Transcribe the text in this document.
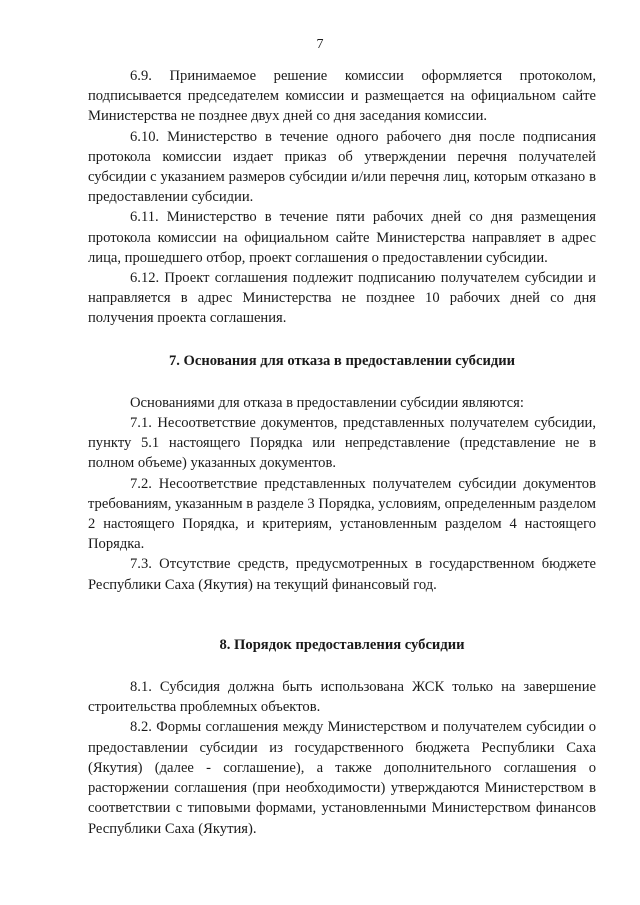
7

6.9. Принимаемое решение комиссии оформляется протоколом, подписывается председателем комиссии и размещается на официальном сайте Министерства не позднее двух дней со дня заседания комиссии.

6.10. Министерство в течение одного рабочего дня после подписания протокола комиссии издает приказ об утверждении перечня получателей субсидии с указанием размеров субсидии и/или перечня лиц, которым отказано в предоставлении субсидии.

6.11. Министерство в течение пяти рабочих дней со дня размещения протокола комиссии на официальном сайте Министерства направляет в адрес лица, прошедшего отбор, проект соглашения о предоставлении субсидии.

6.12. Проект соглашения подлежит подписанию получателем субсидии и направляется в адрес Министерства не позднее 10 рабочих дней со дня получения проекта соглашения.

7. Основания для отказа в предоставлении субсидии

Основаниями для отказа в предоставлении субсидии являются:

7.1. Несоответствие документов, представленных получателем субсидии, пункту 5.1 настоящего Порядка или непредставление (представление не в полном объеме) указанных документов.

7.2. Несоответствие представленных получателем субсидии документов требованиям, указанным в разделе 3 Порядка, условиям, определенным разделом 2 настоящего Порядка, и критериям, установленным разделом 4 настоящего Порядка.

7.3. Отсутствие средств, предусмотренных в государственном бюджете Республики Саха (Якутия) на текущий финансовый год.

8. Порядок предоставления субсидии

8.1. Субсидия должна быть использована ЖСК только на завершение строительства проблемных объектов.

8.2. Формы соглашения между Министерством и получателем субсидии о предоставлении субсидии из государственного бюджета Республики Саха (Якутия) (далее - соглашение), а также дополнительного соглашения о расторжении соглашения (при необходимости) утверждаются Министерством в соответствии с типовыми формами, установленными Министерством финансов Республики Саха (Якутия).
